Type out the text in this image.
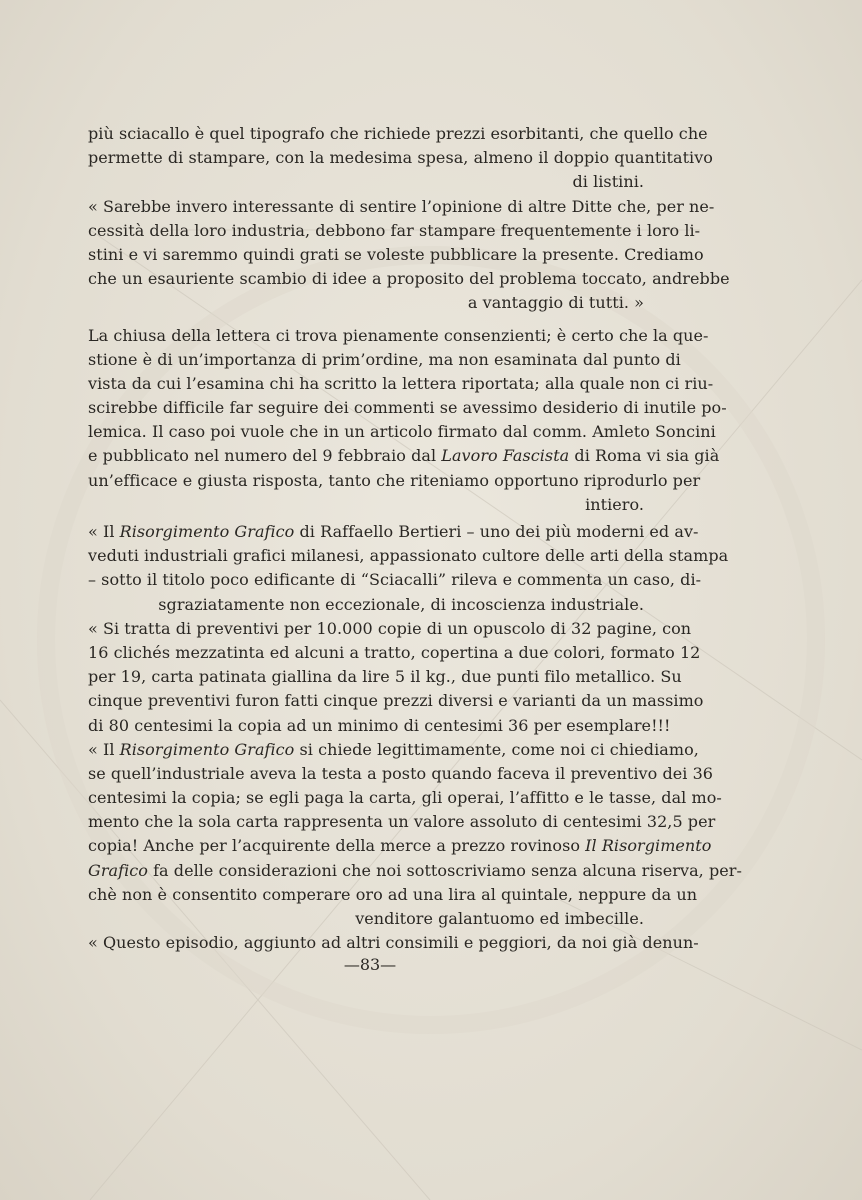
più sciacallo è quel tipografo che richiede prezzi esorbitanti, che quello che
permette di stampare, con la medesima spesa, almeno il doppio quantitativo
di listini.
« Sarebbe invero interessante di sentire l’opinione di altre Ditte che, per ne-
cessità della loro industria, debbono far stampare frequentemente i loro li-
stini e vi saremmo quindi grati se voleste pubblicare la presente. Crediamo
che un esauriente scambio di idee a proposito del problema toccato, andrebbe
a vantaggio di tutti. »
La chiusa della lettera ci trova pienamente consenzienti; è certo che la que-
stione è di un’importanza di prim’ordine, ma non esaminata dal punto di
vista da cui l’esamina chi ha scritto la lettera riportata; alla quale non ci riu-
scirebbe difficile far seguire dei commenti se avessimo desiderio di inutile po-
lemica. Il caso poi vuole che in un articolo firmato dal comm. Amleto Soncini
e pubblicato nel numero del 9 febbraio dal Lavoro Fascista di Roma vi sia già
un’efficace e giusta risposta, tanto che riteniamo opportuno riprodurlo per
intiero.
« Il Risorgimento Grafico di Raffaello Bertieri – uno dei più moderni ed av-
veduti industriali grafici milanesi, appassionato cultore delle arti della stampa
– sotto il titolo poco edificante di “Sciacalli” rileva e commenta un caso, di-
sgraziatamente non eccezionale, di incoscienza industriale.
« Si tratta di preventivi per 10.000 copie di un opuscolo di 32 pagine, con
16 clichés mezzatinta ed alcuni a tratto, copertina a due colori, formato 12
per 19, carta patinata giallina da lire 5 il kg., due punti filo metallico. Su
cinque preventivi furon fatti cinque prezzi diversi e varianti da un massimo
di 80 centesimi la copia ad un minimo di centesimi 36 per esemplare!!!
« Il Risorgimento Grafico si chiede legittimamente, come noi ci chiediamo,
se quell’industriale aveva la testa a posto quando faceva il preventivo dei 36
centesimi la copia; se egli paga la carta, gli operai, l’affitto e le tasse, dal mo-
mento che la sola carta rappresenta un valore assoluto di centesimi 32,5 per
copia! Anche per l’acquirente della merce a prezzo rovinoso Il Risorgimento
Grafico fa delle considerazioni che noi sottoscriviamo senza alcuna riserva, per-
chè non è consentito comperare oro ad una lira al quintale, neppure da un
venditore galantuomo ed imbecille.
« Questo episodio, aggiunto ad altri consimili e peggiori, da noi già denun-
—83—
